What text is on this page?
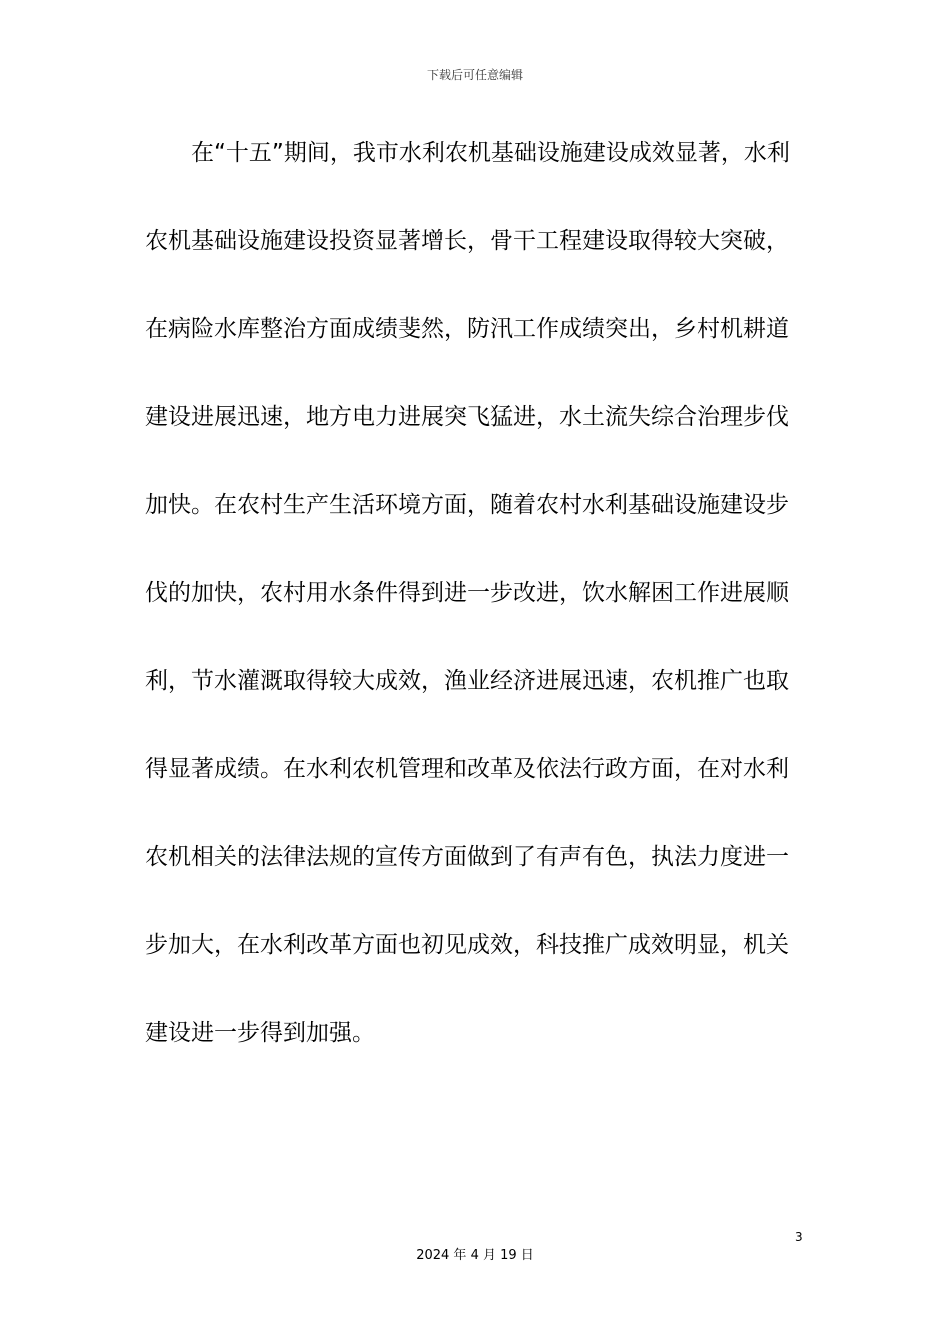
下载后可任意编辑
在“十五”期间，我市水利农机基础设施建设成效显著，水利
农机基础设施建设投资显著增长，骨干工程建设取得较大突破，
在病险水库整治方面成绩斐然，防汛工作成绩突出，乡村机耕道
建设进展迅速，地方电力进展突飞猛进，水土流失综合治理步伐
加快。在农村生产生活环境方面，随着农村水利基础设施建设步
伐的加快，农村用水条件得到进一步改进，饮水解困工作进展顺
利，节水灌溉取得较大成效，渔业经济进展迅速，农机推广也取
得显著成绩。在水利农机管理和改革及依法行政方面，在对水利
农机相关的法律法规的宣传方面做到了有声有色，执法力度进一
步加大，在水利改革方面也初见成效，科技推广成效明显，机关
建设进一步得到加强。
3
2024 年 4 月 19 日
